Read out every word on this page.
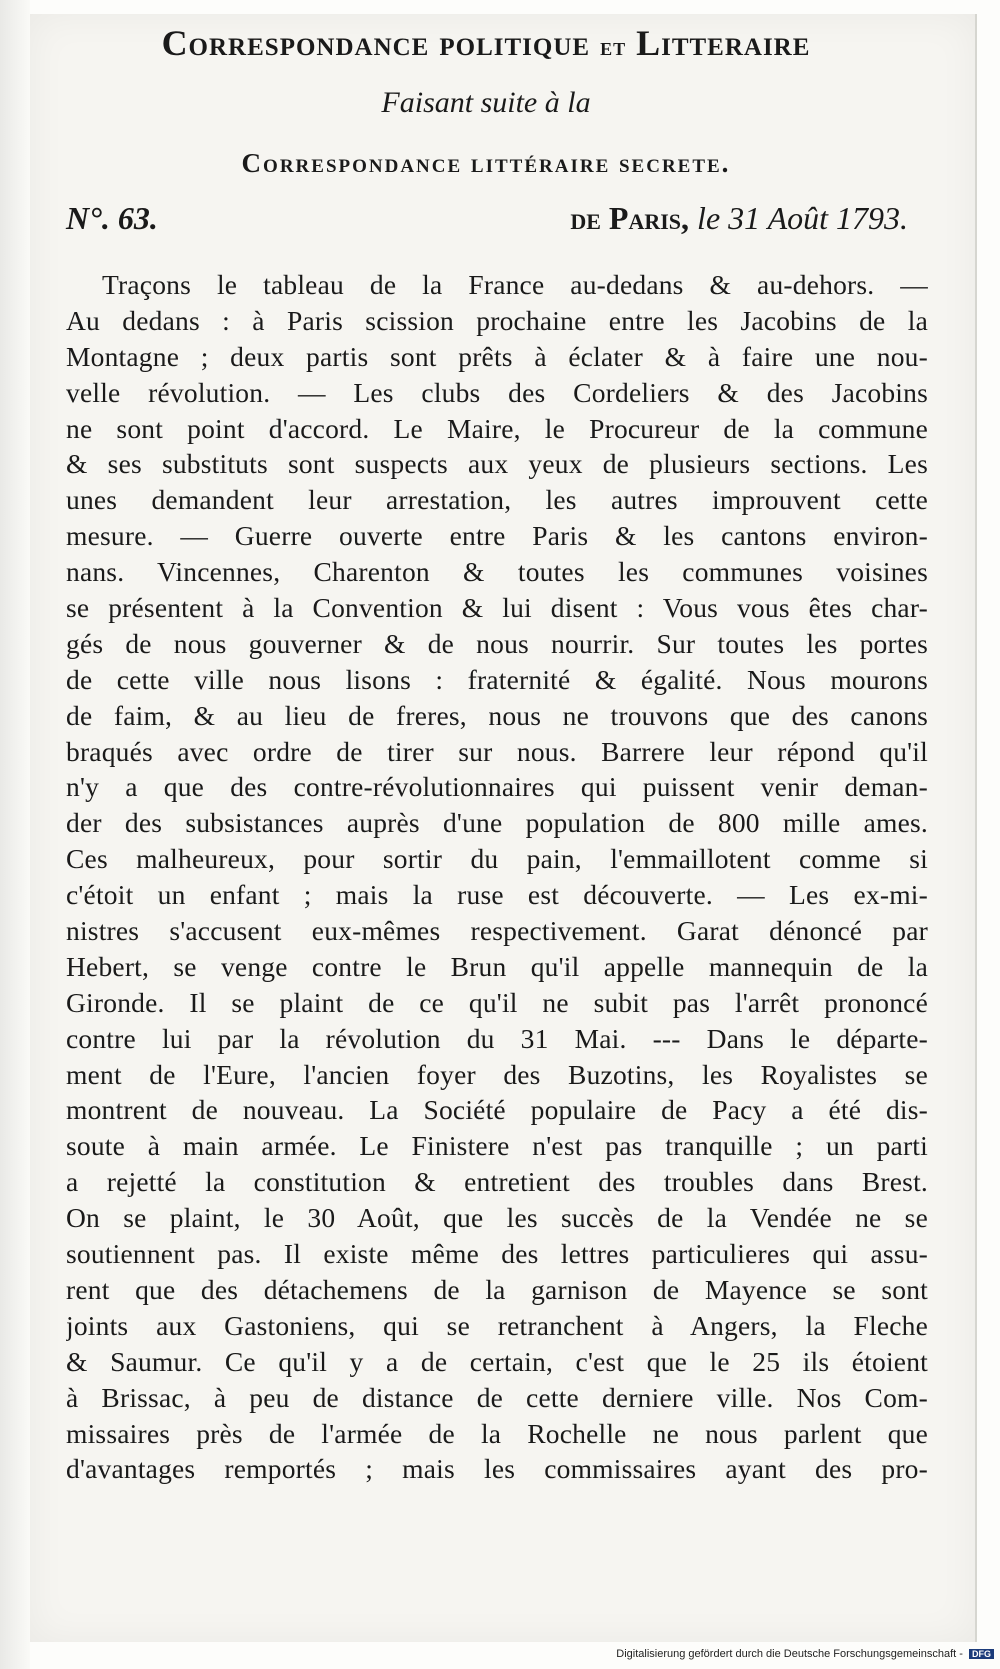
Correspondance politique et Litteraire
Faisant suite à la
Correspondance littéraire secrete.
N°. 63.	de Paris, le 31 Août 1793.
Traçons le tableau de la France au-dedans & au-dehors. —
Au dedans : à Paris scission prochaine entre les Jacobins de la
Montagne ; deux partis sont prêts à éclater & à faire une nou-
velle révolution. — Les clubs des Cordeliers & des Jacobins
ne sont point d'accord. Le Maire, le Procureur de la commune
& ses substituts sont suspects aux yeux de plusieurs sections. Les
unes demandent leur arrestation, les autres improuvent cette
mesure. — Guerre ouverte entre Paris & les cantons environ-
nans. Vincennes, Charenton & toutes les communes voisines
se présentent à la Convention & lui disent : Vous vous êtes char-
gés de nous gouverner & de nous nourrir. Sur toutes les portes
de cette ville nous lisons : fraternité & égalité. Nous mourons
de faim, & au lieu de freres, nous ne trouvons que des canons
braqués avec ordre de tirer sur nous. Barrere leur répond qu'il
n'y a que des contre-révolutionnaires qui puissent venir deman-
der des subsistances auprès d'une population de 800 mille ames.
Ces malheureux, pour sortir du pain, l'emmaillotent comme si
c'étoit un enfant ; mais la ruse est découverte. — Les ex-mi-
nistres s'accusent eux-mêmes respectivement. Garat dénoncé par
Hebert, se venge contre le Brun qu'il appelle mannequin de la
Gironde. Il se plaint de ce qu'il ne subit pas l'arrêt prononcé
contre lui par la révolution du 31 Mai. --- Dans le départe-
ment de l'Eure, l'ancien foyer des Buzotins, les Royalistes se
montrent de nouveau. La Société populaire de Pacy a été dis-
soute à main armée. Le Finistere n'est pas tranquille ; un parti
a rejetté la constitution & entretient des troubles dans Brest.
On se plaint, le 30 Août, que les succès de la Vendée ne se
soutiennent pas. Il existe même des lettres particulieres qui assu-
rent que des détachemens de la garnison de Mayence se sont
joints aux Gastoniens, qui se retranchent à Angers, la Fleche
& Saumur. Ce qu'il y a de certain, c'est que le 25 ils étoient
à Brissac, à peu de distance de cette derniere ville. Nos Com-
missaires près de l'armée de la Rochelle ne nous parlent que
d'avantages remportés ; mais les commissaires ayant des pro-
Digitalisierung gefördert durch die Deutsche Forschungsgemeinschaft - DFG
